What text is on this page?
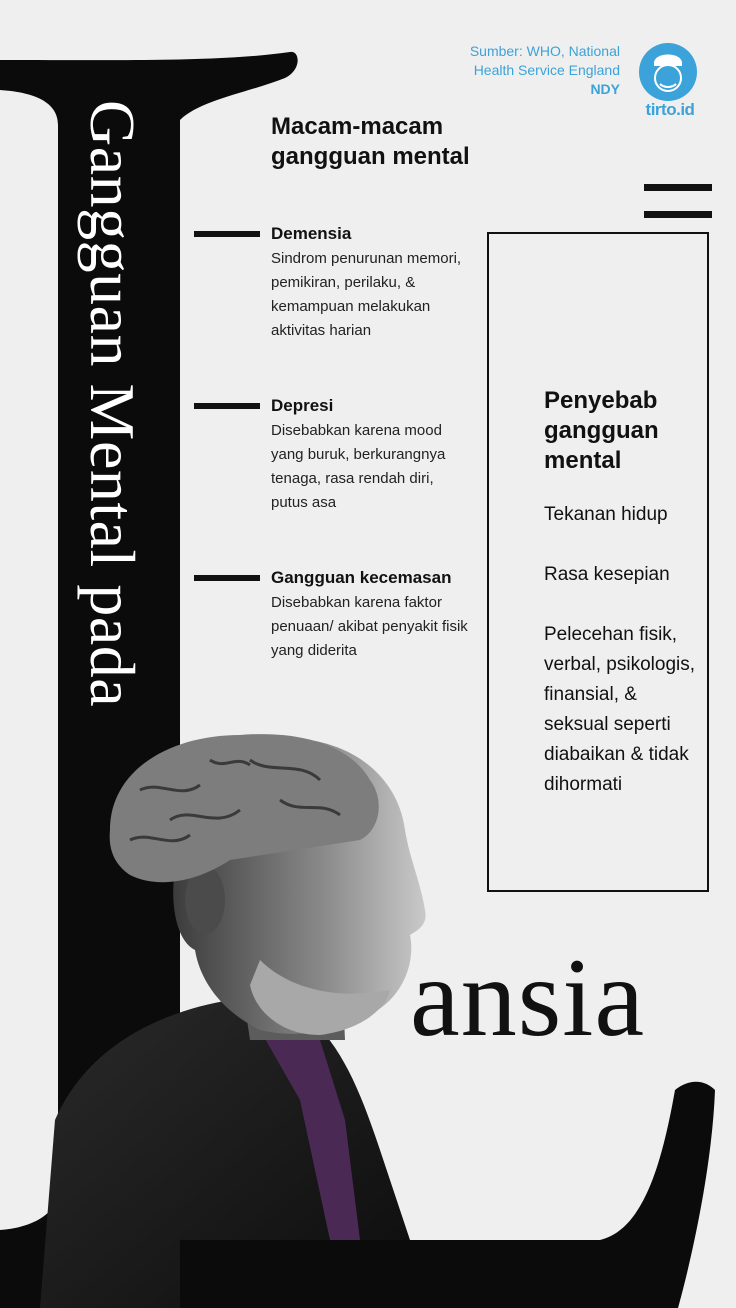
Gangguan Mental pada
ansia
Sumber: WHO, National
Health Service England
NDY
tirto.id
Macam-macam gangguan mental
Demensia
Sindrom penurunan memori, pemikiran, perilaku, & kemampuan melakukan aktivitas harian
Depresi
Disebabkan karena mood yang buruk, berkurangnya tenaga, rasa rendah diri, putus asa
Gangguan kecemasan
Disebabkan karena faktor penuaan/ akibat penyakit fisik yang diderita
Penyebab gangguan mental
Tekanan hidup
Rasa kesepian
Pelecehan fisik, verbal, psikologis, finansial, & seksual seperti diabaikan & tidak dihormati
